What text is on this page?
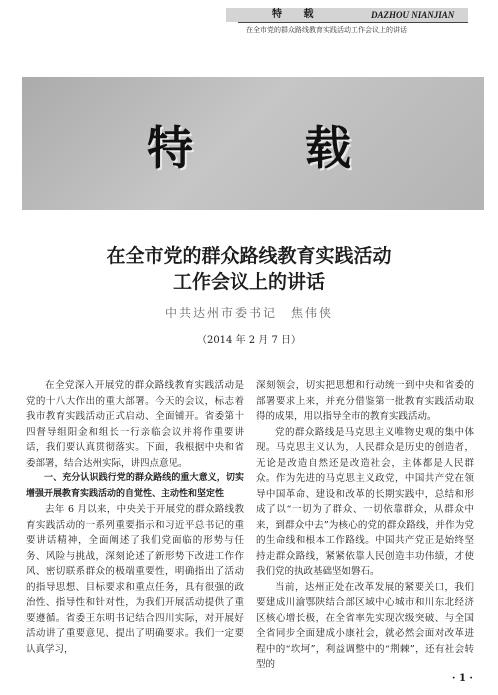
特 载	DAZHOU NIANJIAN
在全市党的群众路线教育实践活动工作会议上的讲话
特 载
在全市党的群众路线教育实践活动
工作会议上的讲话
中共达州市委书记　焦伟侠
（2014 年 2 月 7 日）

在全党深入开展党的群众路线教育实践活动是党的十八大作出的重大部署。今天的会议，标志着我市教育实践活动正式启动、全面铺开。省委第十四督导组阳金和组长一行亲临会议并将作重要讲话，我们要认真贯彻落实。下面，我根据中央和省委部署，结合达州实际，讲四点意见。

一、充分认识践行党的群众路线的重大意义，切实增强开展教育实践活动的自觉性、主动性和坚定性

去年 6 月以来，中央关于开展党的群众路线教育实践活动的一系列重要指示和习近平总书记的重要讲话精神，全面阐述了我们党面临的形势与任务、风险与挑战，深刻论述了新形势下改进工作作风、密切联系群众的极端重要性，明确指出了活动的指导思想、目标要求和重点任务，具有很强的政治性、指导性和针对性，为我们开展活动提供了重要遵循。省委王东明书记结合四川实际，对开展好活动讲了重要意见、提出了明确要求。我们一定要认真学习，

深刻领会，切实把思想和行动统一到中央和省委的部署要求上来，并充分借鉴第一批教育实践活动取得的成果，用以指导全市的教育实践活动。

党的群众路线是马克思主义唯物史观的集中体现。马克思主义认为，人民群众是历史的创造者，无论是改造自然还是改造社会，主体都是人民群众。作为先进的马克思主义政党，中国共产党在领导中国革命、建设和改革的长期实践中，总结和形成了以“一切为了群众、一切依靠群众，从群众中来，到群众中去”为核心的党的群众路线，并作为党的生命线和根本工作路线。中国共产党正是始终坚持走群众路线，紧紧依靠人民创造丰功伟绩，才使我们党的执政基础坚如磐石。

当前，达州正处在改革发展的紧要关口，我们要建成川渝鄂陕结合部区域中心城市和川东北经济区核心增长极，在全省率先实现次级突破、与全国全省同步全面建成小康社会，就必然会面对改革进程中的“坎坷”，利益调整中的“荆棘”，还有社会转型的

· 1 ·
